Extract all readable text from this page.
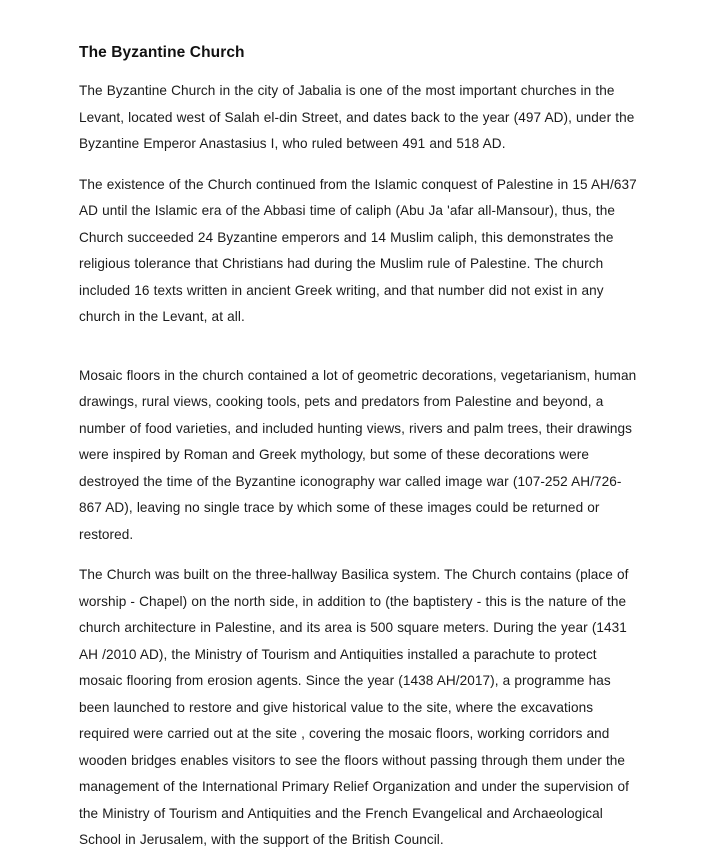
The Byzantine Church

The Byzantine Church in the city of Jabalia is one of the most important churches in the Levant, located west of Salah el-din Street, and dates back to the year (497 AD), under the Byzantine Emperor Anastasius I, who ruled between 491 and 518 AD.

The existence of the Church continued from the Islamic conquest of Palestine in 15 AH/637 AD until the Islamic era of the Abbasi time of caliph (Abu Ja 'afar all-Mansour), thus, the Church succeeded 24 Byzantine emperors and 14 Muslim caliph, this demonstrates the religious tolerance that Christians had during the Muslim rule of Palestine. The church included 16 texts written in ancient Greek writing, and that number did not exist in any church in the Levant, at all.

Mosaic floors in the church contained a lot of geometric decorations, vegetarianism, human drawings, rural views, cooking tools, pets and predators from Palestine and beyond, a number of food varieties, and included hunting views, rivers and palm trees, their drawings were inspired by Roman and Greek mythology, but some of these decorations were destroyed the time of the Byzantine iconography war called image war (107-252 AH/726-867 AD), leaving no single trace by which some of these images could be returned or restored.

The Church was built on the three-hallway Basilica system. The Church contains (place of worship - Chapel) on the north side, in addition to (the baptistery - this is the nature of the church architecture in Palestine, and its area is 500 square meters. During the year (1431 AH /2010 AD), the Ministry of Tourism and Antiquities installed a parachute to protect mosaic flooring from erosion agents. Since the year (1438 AH/2017), a programme has been launched to restore and give historical value to the site, where the excavations required were carried out at the site , covering the mosaic floors, working corridors and wooden bridges enables visitors to see the floors without passing through them under the management of the International Primary Relief Organization and under the supervision of the Ministry of Tourism and Antiquities and the French Evangelical and Archaeological School in Jerusalem, with the support of the British Council.
